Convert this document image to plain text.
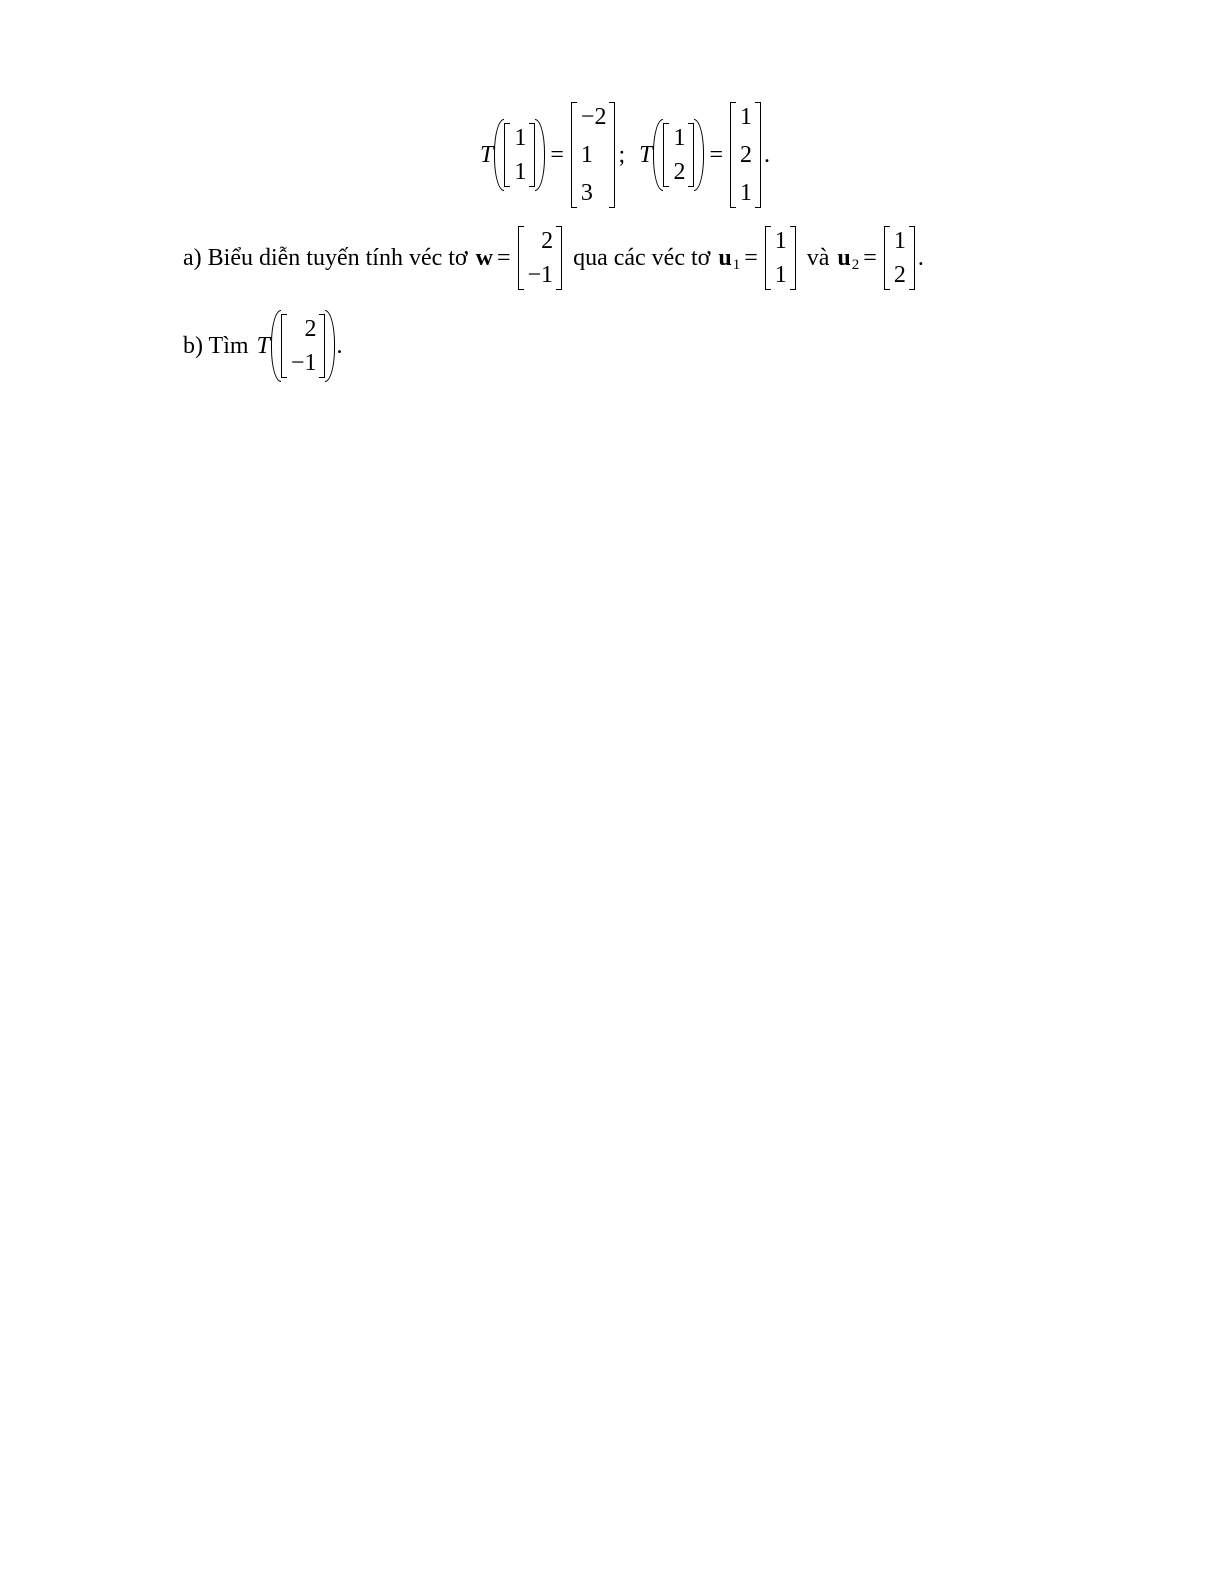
T
1
1
=
−2
1
3
; T
1
2
=
1
2
1
.
a) Biểu diễn tuyến tính véc tơ w =
2
−1
qua các véc tơ u 1 =
1
1
và u 2 =
1
2
.
b) Tìm T
2
−1
.
